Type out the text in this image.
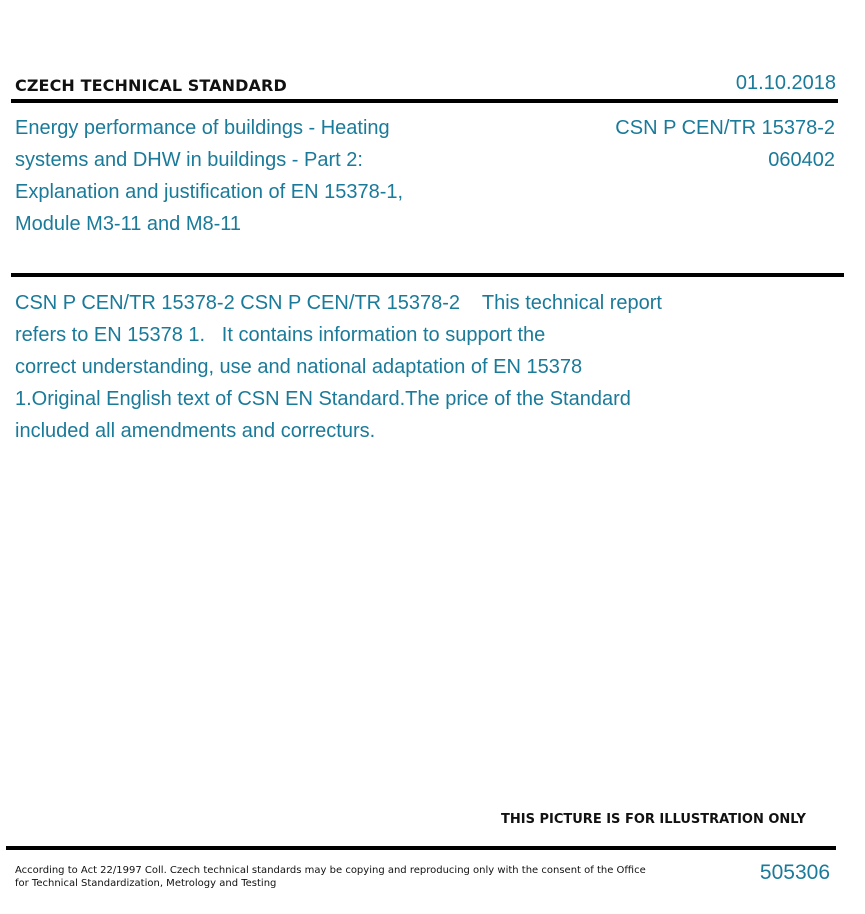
CZECH TECHNICAL STANDARD	01.10.2018
Energy performance of buildings - Heating
systems and DHW in buildings - Part 2:
Explanation and justification of EN 15378-1,
Module M3-11 and M8-11
CSN P CEN/TR 15378-2
060402
CSN P CEN/TR 15378-2 CSN P CEN/TR 15378-2    This technical report
refers to EN 15378 1.   It contains information to support the
correct understanding, use and national adaptation of EN 15378
1.Original English text of CSN EN Standard.The price of the Standard
included all amendments and correcturs.
THIS PICTURE IS FOR ILLUSTRATION ONLY
According to Act 22/1997 Coll. Czech technical standards may be copying and reproducing only with the consent of the Office
for Technical Standardization, Metrology and Testing	505306
